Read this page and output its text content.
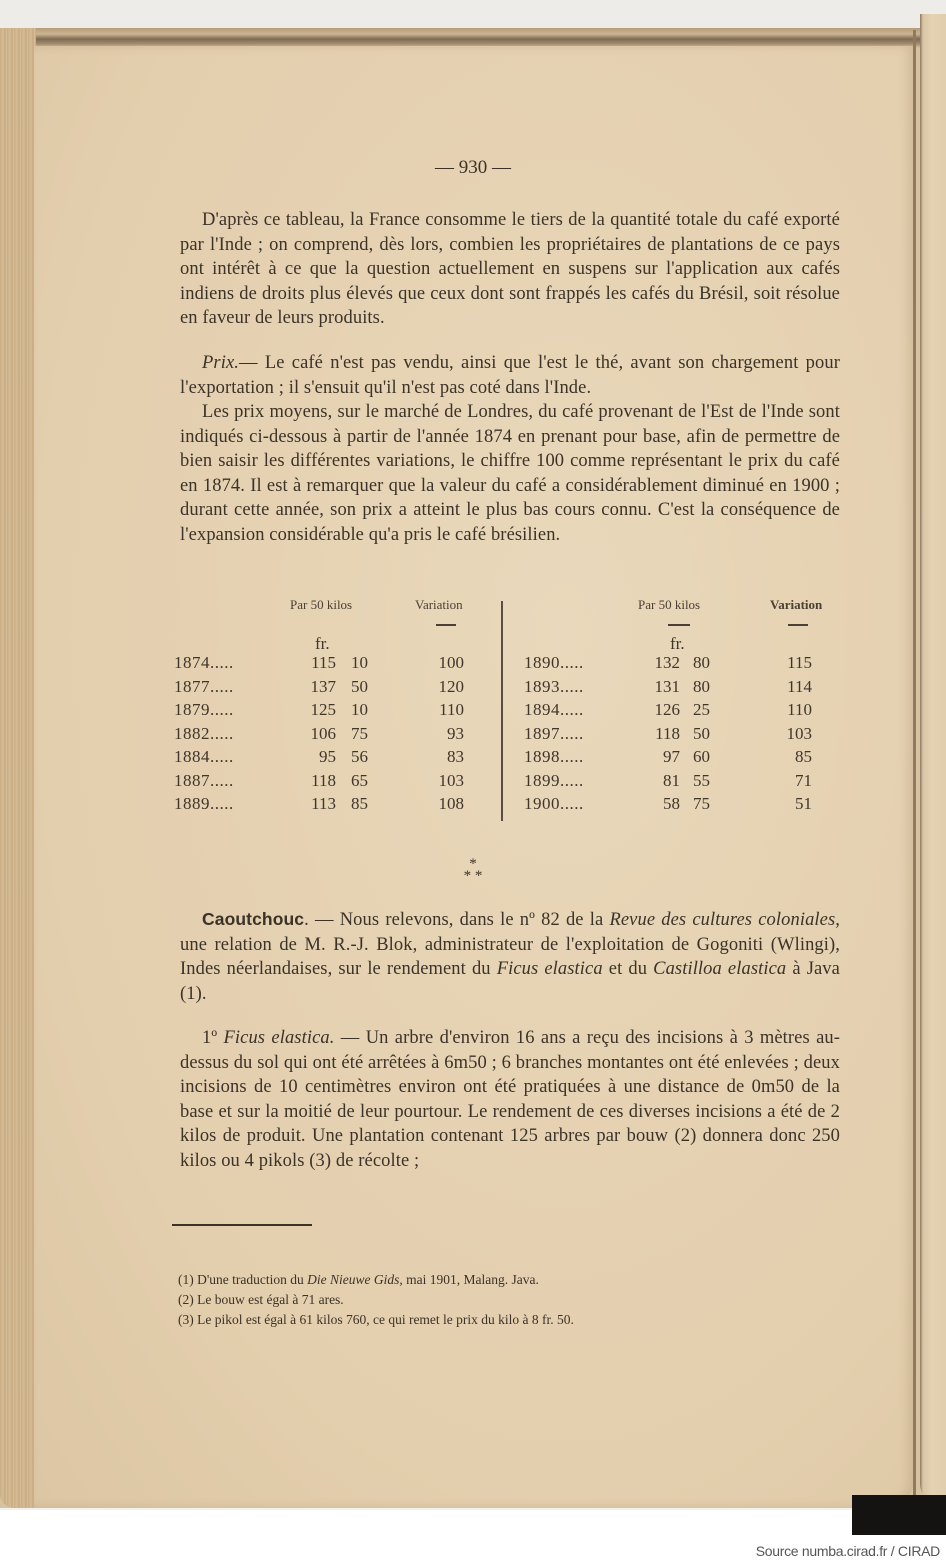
— 930 —
D'après ce tableau, la France consomme le tiers de la quantité totale du café exporté par l'Inde ; on comprend, dès lors, combien les propriétaires de plantations de ce pays ont intérêt à ce que la question actuellement en suspens sur l'application aux cafés indiens de droits plus élevés que ceux dont sont frappés les cafés du Brésil, soit résolue en faveur de leurs produits.
Prix.— Le café n'est pas vendu, ainsi que l'est le thé, avant son chargement pour l'exportation ; il s'ensuit qu'il n'est pas coté dans l'Inde.
Les prix moyens, sur le marché de Londres, du café provenant de l'Est de l'Inde sont indiqués ci-dessous à partir de l'année 1874 en prenant pour base, afin de permettre de bien saisir les différentes variations, le chiffre 100 comme représentant le prix du café en 1874. Il est à remarquer que la valeur du café a considérablement diminué en 1900 ; durant cette année, son prix a atteint le plus bas cours connu. C'est la conséquence de l'expansion considérable qu'a pris le café brésilien.
Par 50 kilos	Variation
fr.
1874.....	115 10	100
1877.....	137 50	120
1879.....	125 10	110
1882.....	106 75	93
1884.....	95 56	83
1887.....	118 65	103
1889.....	113 85	108
Par 50 kilos	Variation
fr.
1890.....	132 80	115
1893.....	131 80	114
1894.....	126 25	110
1897.....	118 50	103
1898.....	97 60	85
1899.....	81 55	71
1900.....	58 75	51
*
* *
Caoutchouc. — Nous relevons, dans le nº 82 de la Revue des cultures coloniales, une relation de M. R.-J. Blok, administrateur de l'exploitation de Gogoniti (Wlingi), Indes néerlandaises, sur le rendement du Ficus elastica et du Castilloa elastica à Java (1).
1º Ficus elastica. — Un arbre d'environ 16 ans a reçu des incisions à 3 mètres au-dessus du sol qui ont été arrêtées à 6m50 ; 6 branches montantes ont été enlevées ; deux incisions de 10 centimètres environ ont été pratiquées à une distance de 0m50 de la base et sur la moitié de leur pourtour. Le rendement de ces diverses incisions a été de 2 kilos de produit. Une plantation contenant 125 arbres par bouw (2) donnera donc 250 kilos ou 4 pikols (3) de récolte ;
(1) D'une traduction du Die Nieuwe Gids, mai 1901, Malang. Java.
(2) Le bouw est égal à 71 ares.
(3) Le pikol est égal à 61 kilos 760, ce qui remet le prix du kilo à 8 fr. 50.
Source numba.cirad.fr / CIRAD
